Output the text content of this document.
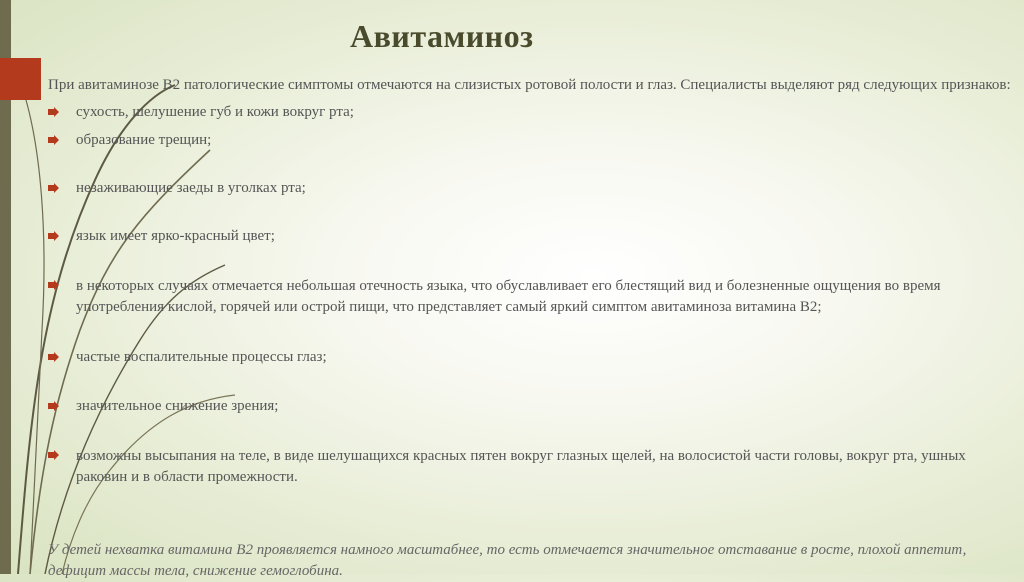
Авитаминоз

При авитаминозе В2 патологические симптомы отмечаются на слизистых ротовой полости и глаз. Специалисты выделяют ряд следующих признаков:

сухость, шелушение губ и кожи вокруг рта;
образование трещин;
незаживающие заеды в уголках рта;
язык имеет ярко-красный цвет;
в некоторых случаях отмечается небольшая отечность языка, что обуславливает его блестящий вид и болезненные ощущения во время употребления кислой, горячей или острой пищи, что представляет самый яркий симптом авитаминоза витамина В2;
частые воспалительные процессы глаз;
значительное снижение зрения;
возможны высыпания на теле, в виде шелушащихся красных пятен вокруг глазных щелей, на волосистой части головы, вокруг рта, ушных раковин и в области промежности.
У детей нехватка витамина В2 проявляется намного масштабнее, то есть отмечается значительное отставание в росте, плохой аппетит, дефицит массы тела, снижение гемоглобина.
